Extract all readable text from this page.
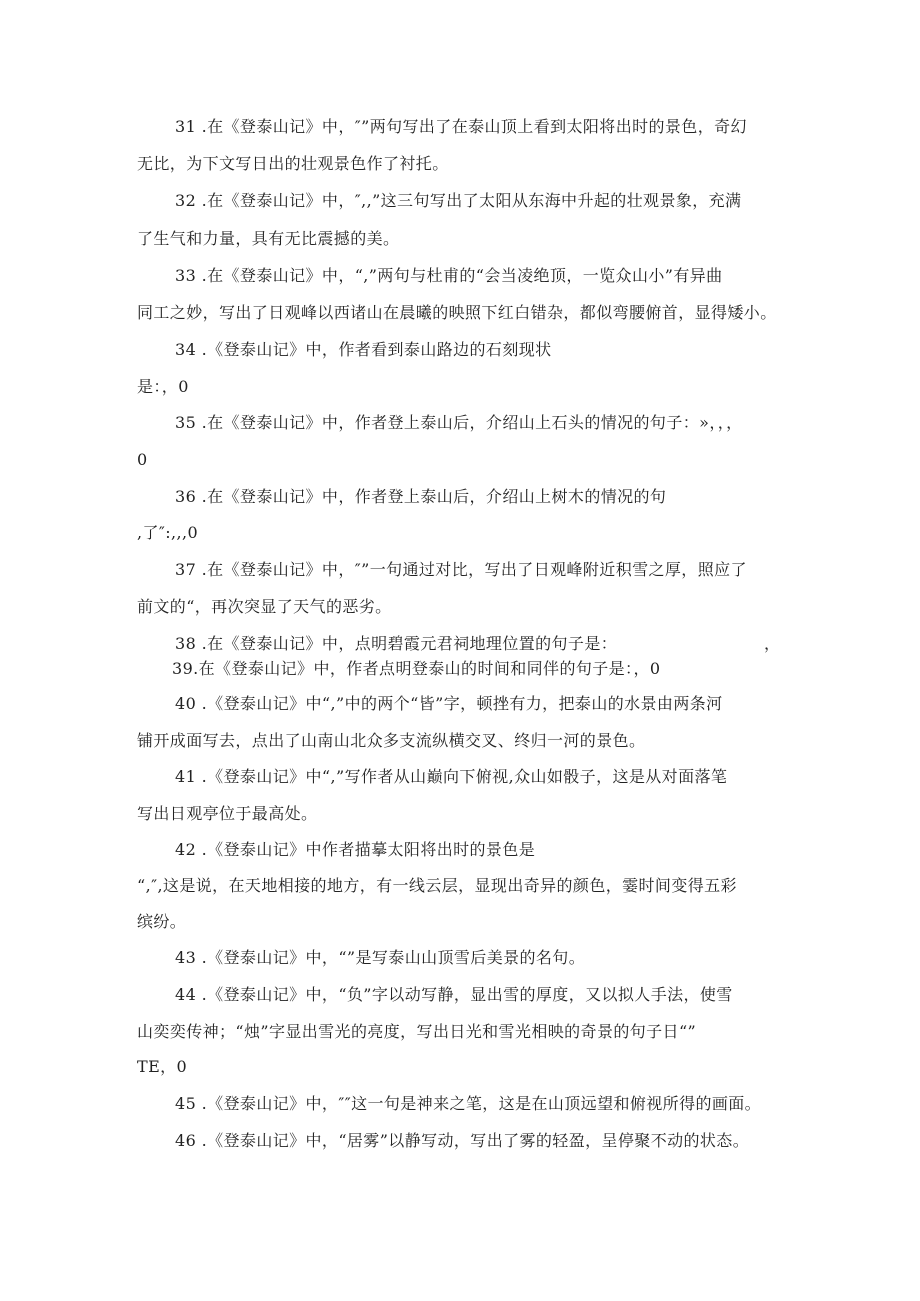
31 .在《登泰山记》中，″”两句写出了在泰山顶上看到太阳将出时的景色，奇幻
无比，为下文写日出的壮观景色作了衬托。
32 .在《登泰山记》中，″,,”这三句写出了太阳从东海中升起的壮观景象，充满
了生气和力量，具有无比震撼的美。
33 .在《登泰山记》中，“,”两句与杜甫的“会当凌绝顶，一览众山小”有异曲
同工之妙，写出了日观峰以西诸山在晨曦的映照下红白错杂，都似弯腰俯首，显得矮小。
34 .《登泰山记》中，作者看到泰山路边的石刻现状
是：，0
35 .在《登泰山记》中，作者登上泰山后，介绍山上石头的情况的句子：»，，，
0
36 .在《登泰山记》中，作者登上泰山后，介绍山上树木的情况的句
,了″:,,,0
37 .在《登泰山记》中，″”一句通过对比，写出了日观峰附近积雪之厚，照应了
前文的“，再次突显了天气的恶劣。
38 .在《登泰山记》中，点明碧霞元君祠地理位置的句子是：	，
39.在《登泰山记》中，作者点明登泰山的时间和同伴的句子是：，0
40 .《登泰山记》中“,”中的两个“皆”字，顿挫有力，把泰山的水景由两条河
铺开成面写去，点出了山南山北众多支流纵横交叉、终归一河的景色。
41 .《登泰山记》中“,”写作者从山巅向下俯视,众山如骰子，这是从对面落笔
写出日观亭位于最高处。
42 .《登泰山记》中作者描摹太阳将出时的景色是
“,″,这是说，在天地相接的地方，有一线云层，显现出奇异的颜色，霎时间变得五彩
缤纷。
43 .《登泰山记》中，“”是写泰山山顶雪后美景的名句。
44 .《登泰山记》中，“负”字以动写静，显出雪的厚度，又以拟人手法，使雪
山奕奕传神；“烛”字显出雪光的亮度，写出日光和雪光相映的奇景的句子日“”
TE，0
45 .《登泰山记》中，″″这一句是神来之笔，这是在山顶远望和俯视所得的画面。
46 .《登泰山记》中，“居雾”以静写动，写出了雾的轻盈，呈停聚不动的状态。
